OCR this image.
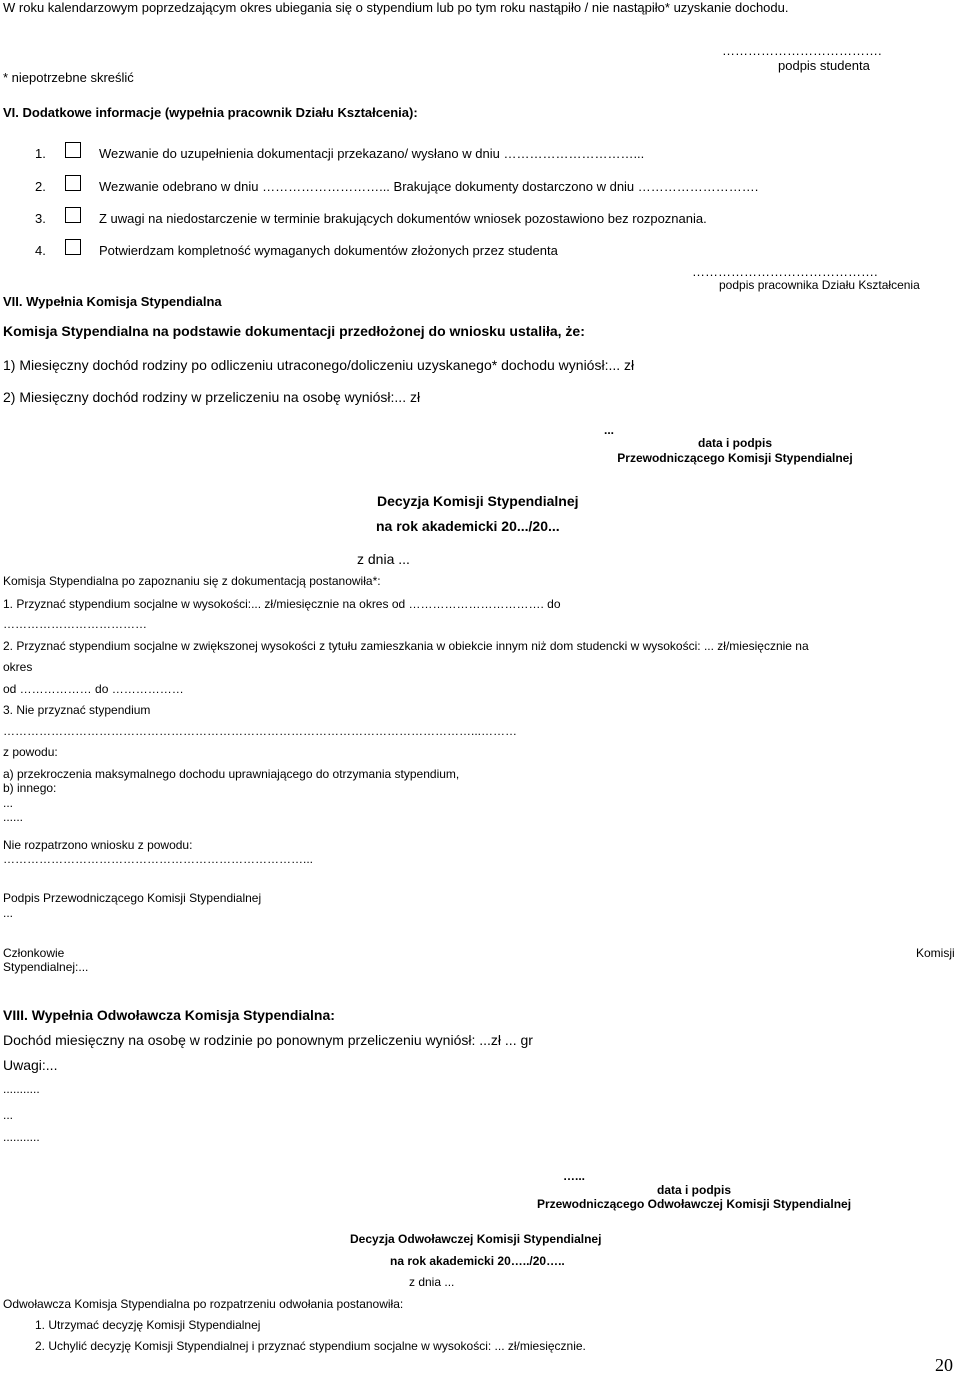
W roku kalendarzowym poprzedzającym okres ubiegania się o stypendium lub po tym roku nastąpiło / nie nastąpiło* uzyskanie dochodu.
……………………………….
podpis studenta
* niepotrzebne skreślić
VI. Dodatkowe informacje (wypełnia pracownik Działu Kształcenia):
1.	Wezwanie do uzupełnienia dokumentacji przekazano/ wysłano w dniu …………………………...
2.	Wezwanie odebrano w dniu ………………………... Brakujące dokumenty dostarczono w dniu ……………………….
3.	Z uwagi na niedostarczenie w terminie brakujących dokumentów wniosek pozostawiono bez rozpoznania.
4.	Potwierdzam kompletność wymaganych dokumentów złożonych przez studenta
…………………………………….
podpis pracownika Działu Kształcenia
VII. Wypełnia Komisja Stypendialna
Komisja Stypendialna na podstawie dokumentacji przedłożonej do wniosku ustaliła, że:
1) Miesięczny dochód rodziny po odliczeniu utraconego/doliczeniu uzyskanego* dochodu wyniósł:... zł
2) Miesięczny dochód rodziny w przeliczeniu na osobę wyniósł:... zł
...
data i podpis
Przewodniczącego Komisji Stypendialnej
Decyzja Komisji Stypendialnej
na rok akademicki 20.../20...
z dnia ...
Komisja Stypendialna po zapoznaniu się z dokumentacją postanowiła*:
1. Przyznać stypendium socjalne w wysokości:... zł/miesięcznie na okres od ……………………………. do
………………………………
2. Przyznać stypendium socjalne w zwiększonej wysokości z tytułu zamieszkania w obiekcie innym niż dom studencki w wysokości: ... zł/miesięcznie na
okres
od ……………… do ………………
3. Nie przyznać stypendium
………………………………………………………………………………………………………...………
z powodu:
a) przekroczenia maksymalnego dochodu uprawniającego do otrzymania stypendium,
b) innego:
...
......
Nie rozpatrzono wniosku z powodu:
…………………………………………………………………...
Podpis Przewodniczącego Komisji Stypendialnej
...
Członkowie
Stypendialnej:...
Komisji
VIII. Wypełnia Odwoławcza Komisja Stypendialna:
Dochód miesięczny na osobę w rodzinie po ponownym przeliczeniu wyniósł: ...zł ... gr
Uwagi:...
...........
...
...........
…...
data i podpis
Przewodniczącego Odwoławczej Komisji Stypendialnej
Decyzja Odwoławczej Komisji Stypendialnej
na rok akademicki 20…../20…..
z dnia ...
Odwoławcza Komisja Stypendialna po rozpatrzeniu odwołania postanowiła:
1. Utrzymać decyzję Komisji Stypendialnej
2. Uchylić decyzję Komisji Stypendialnej i przyznać stypendium socjalne w wysokości: ... zł/miesięcznie.
20
